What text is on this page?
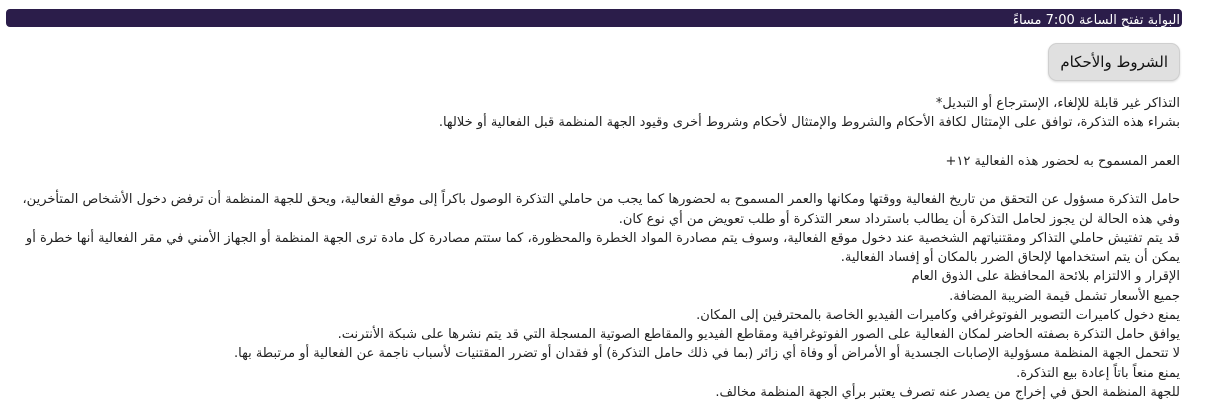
البوابة تفتح الساعة 7:00 مساءً
الشروط والأحكام
التذاكر غير قابلة للإلغاء، الإسترجاع أو التبديل*
بشراء هذه التذكرة، توافق على الإمتثال لكافة الأحكام والشروط والإمتثال لأحكام وشروط أخرى وقيود الجهة المنظمة قبل الفعالية أو خلالها.
العمر المسموح به لحضور هذه الفعالية ١٢+
حامل التذكرة مسؤول عن التحقق من تاريخ الفعالية ووقتها ومكانها والعمر المسموح به لحضورها كما يجب من حاملي التذكرة الوصول باكراً إلى موقع الفعالية، ويحق للجهة المنظمة أن ترفض دخول الأشخاص المتأخرين، وفي هذه الحالة لن يجوز لحامل التذكرة أن يطالب باسترداد سعر التذكرة أو طلب تعويض من أي نوع كان.
قد يتم تفتيش حاملي التذاكر ومقتنياتهم الشخصية عند دخول موقع الفعالية، وسوف يتم مصادرة المواد الخطرة والمحظورة، كما ستتم مصادرة كل مادة ترى الجهة المنظمة أو الجهاز الأمني في مقر الفعالية أنها خطرة أو يمكن أن يتم استخدامها لإلحاق الضرر بالمكان أو إفساد الفعالية.
الإقرار و الالتزام بلائحة المحافظة على الذوق العام
جميع الأسعار تشمل قيمة الضريبة المضافة.
يمنع دخول كاميرات التصوير الفوتوغرافي وكاميرات الفيديو الخاصة بالمحترفين إلى المكان.
يوافق حامل التذكرة بصفته الحاضر لمكان الفعالية على الصور الفوتوغرافية ومقاطع الفيديو والمقاطع الصوتية المسجلة التي قد يتم نشرها على شبكة الأنترنت.
لا تتحمل الجهة المنظمة مسؤولية الإصابات الجسدية أو الأمراض أو وفاة أي زائر (بما في ذلك حامل التذكرة) أو فقدان أو تضرر المقتنيات لأسباب ناجمة عن الفعالية أو مرتبطة بها.
يمنع منعاً باتاً إعادة بيع التذكرة.
للجهة المنظمة الحق في إخراج من يصدر عنه تصرف يعتبر برأي الجهة المنظمة مخالف.
